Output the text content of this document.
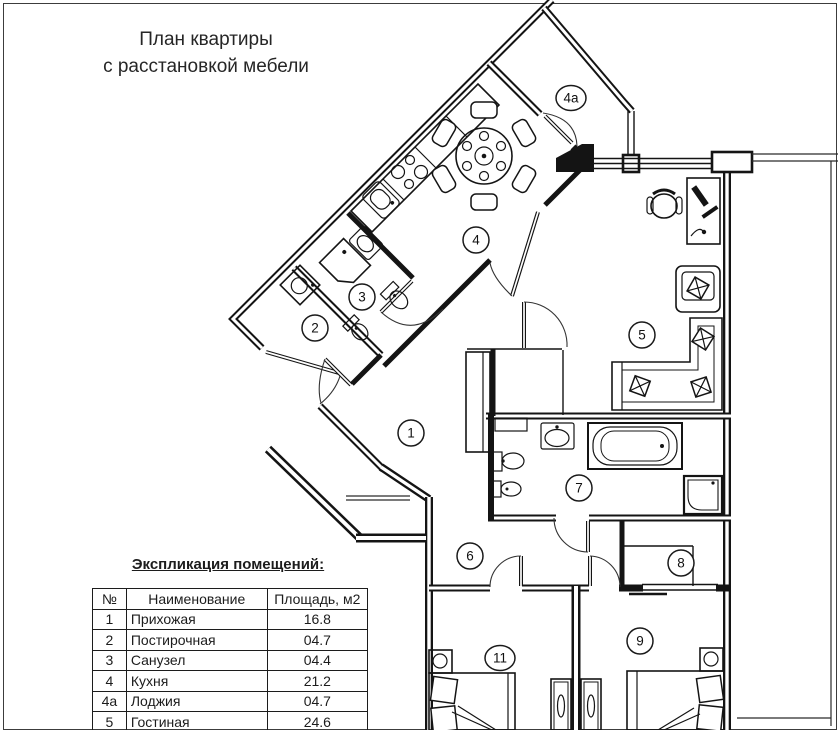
1
2
3
4
4а
5
6
7
8
9
11
План квартиры
с расстановкой мебели
Экспликация помещений:
№	Наименование	Площадь, м2
1	Прихожая	16.8
2	Постирочная	04.7
3	Санузел	04.4
4	Кухня	21.2
4а	Лоджия	04.7
5	Гостиная	24.6
